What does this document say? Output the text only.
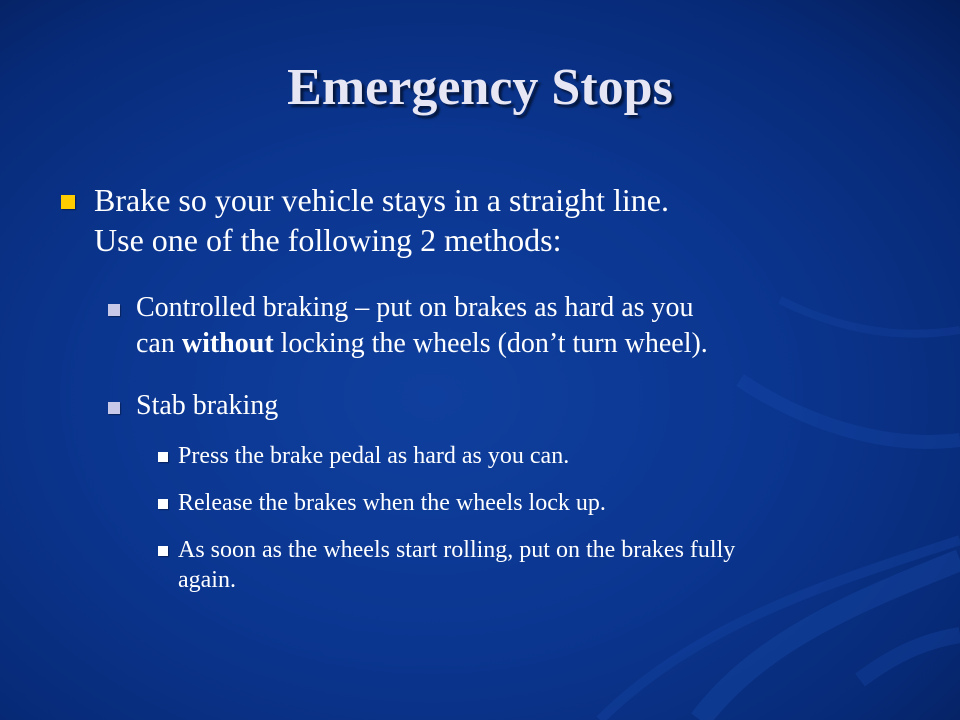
Emergency Stops
Brake so your vehicle stays in a straight line.
Use one of the following 2 methods:
Controlled braking – put on brakes as hard as you
can without locking the wheels (don’t turn wheel).
Stab braking
Press the brake pedal as hard as you can.
Release the brakes when the wheels lock up.
As soon as the wheels start rolling, put on the brakes fully
again.
